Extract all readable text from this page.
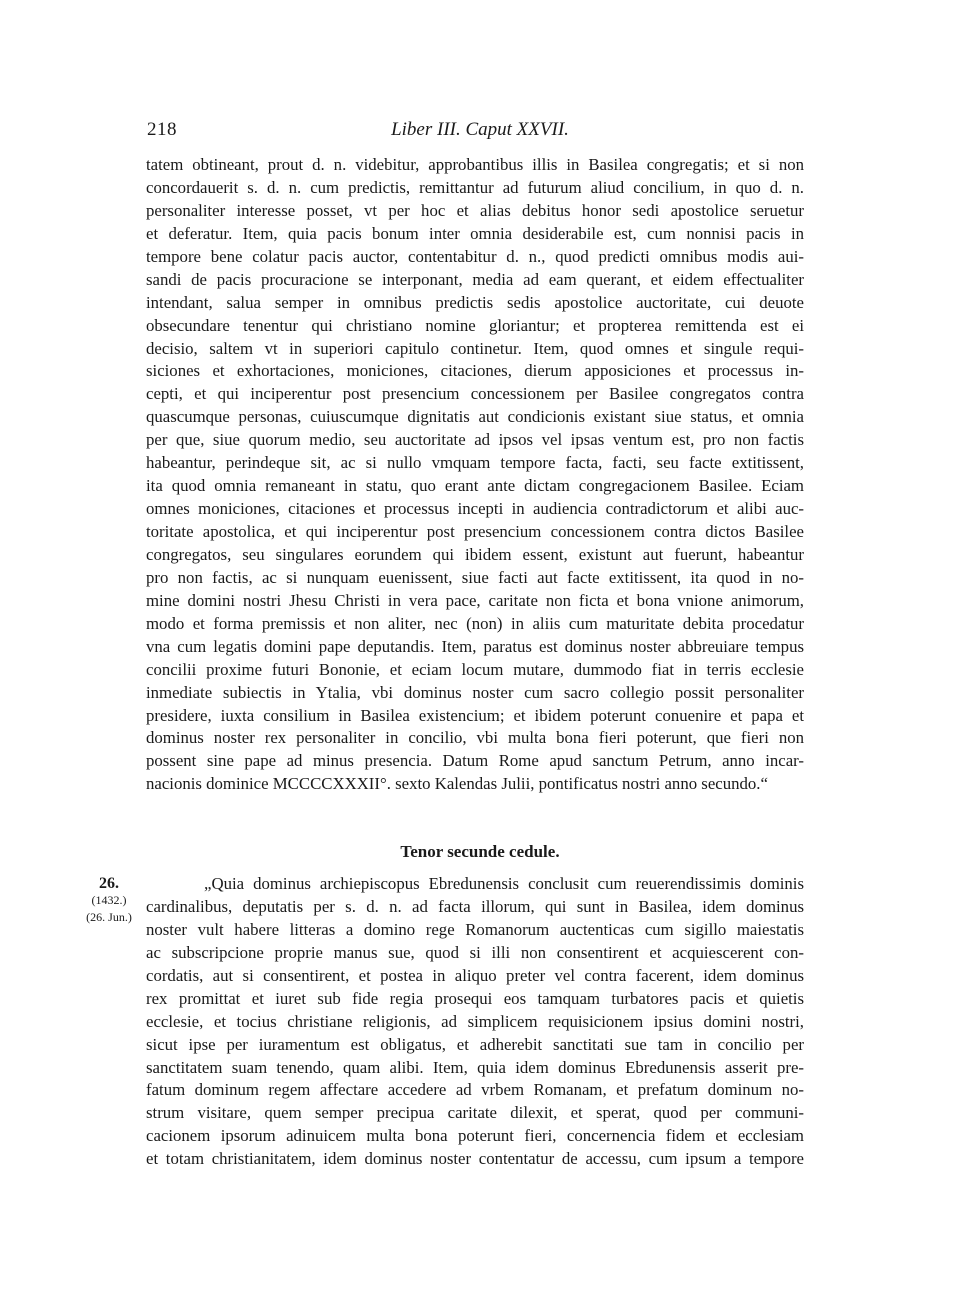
218	Liber III. Caput XXVII.
tatem obtineant, prout d. n. videbitur, approbantibus illis in Basilea congregatis; et si non
concordauerit s. d. n. cum predictis, remittantur ad futurum aliud concilium, in quo d. n.
personaliter interesse posset, vt per hoc et alias debitus honor sedi apostolice seruetur
et deferatur. Item, quia pacis bonum inter omnia desiderabile est, cum nonnisi pacis in
tempore bene colatur pacis auctor, contentabitur d. n., quod predicti omnibus modis aui-
sandi de pacis procuracione se interponant, media ad eam querant, et eidem effectualiter
intendant, salua semper in omnibus predictis sedis apostolice auctoritate, cui deuote
obsecundare tenentur qui christiano nomine gloriantur; et propterea remittenda est ei
decisio, saltem vt in superiori capitulo continetur. Item, quod omnes et singule requi-
siciones et exhortaciones, moniciones, citaciones, dierum apposiciones et processus in-
cepti, et qui inciperentur post presencium concessionem per Basilee congregatos contra
quascumque personas, cuiuscumque dignitatis aut condicionis existant siue status, et omnia
per que, siue quorum medio, seu auctoritate ad ipsos vel ipsas ventum est, pro non factis
habeantur, perindeque sit, ac si nullo vmquam tempore facta, facti, seu facte extitissent,
ita quod omnia remaneant in statu, quo erant ante dictam congregacionem Basilee. Eciam
omnes moniciones, citaciones et processus incepti in audiencia contradictorum et alibi auc-
toritate apostolica, et qui inciperentur post presencium concessionem contra dictos Basilee
congregatos, seu singulares eorundem qui ibidem essent, existunt aut fuerunt, habeantur
pro non factis, ac si nunquam euenissent, siue facti aut facte extitissent, ita quod in no-
mine domini nostri Jhesu Christi in vera pace, caritate non ficta et bona vnione animorum,
modo et forma premissis et non aliter, nec (non) in aliis cum maturitate debita procedatur
vna cum legatis domini pape deputandis. Item, paratus est dominus noster abbreuiare tempus
concilii proxime futuri Bononie, et eciam locum mutare, dummodo fiat in terris ecclesie
inmediate subiectis in Ytalia, vbi dominus noster cum sacro collegio possit personaliter
presidere, iuxta consilium in Basilea existencium; et ibidem poterunt conuenire et papa et
dominus noster rex personaliter in concilio, vbi multa bona fieri poterunt, que fieri non
possent sine pape ad minus presencia. Datum Rome apud sanctum Petrum, anno incar-
nacionis dominice MCCCCXXXII°. sexto Kalendas Julii, pontificatus nostri anno secundo.“
Tenor secunde cedule.
26.
(1432.)
(26. Jun.)
„Quia dominus archiepiscopus Ebredunensis conclusit cum reuerendissimis dominis
cardinalibus, deputatis per s. d. n. ad facta illorum, qui sunt in Basilea, idem dominus
noster vult habere litteras a domino rege Romanorum auctenticas cum sigillo maiestatis
ac subscripcione proprie manus sue, quod si illi non consentirent et acquiescerent con-
cordatis, aut si consentirent, et postea in aliquo preter vel contra facerent, idem dominus
rex promittat et iuret sub fide regia prosequi eos tamquam turbatores pacis et quietis
ecclesie, et tocius christiane religionis, ad simplicem requisicionem ipsius domini nostri,
sicut ipse per iuramentum est obligatus, et adherebit sanctitati sue tam in concilio per
sanctitatem suam tenendo, quam alibi. Item, quia idem dominus Ebredunensis asserit pre-
fatum dominum regem affectare accedere ad vrbem Romanam, et prefatum dominum no-
strum visitare, quem semper precipua caritate dilexit, et sperat, quod per communi-
cacionem ipsorum adinuicem multa bona poterunt fieri, concernencia fidem et ecclesiam
et totam christianitatem, idem dominus noster contentatur de accessu, cum ipsum a tempore
